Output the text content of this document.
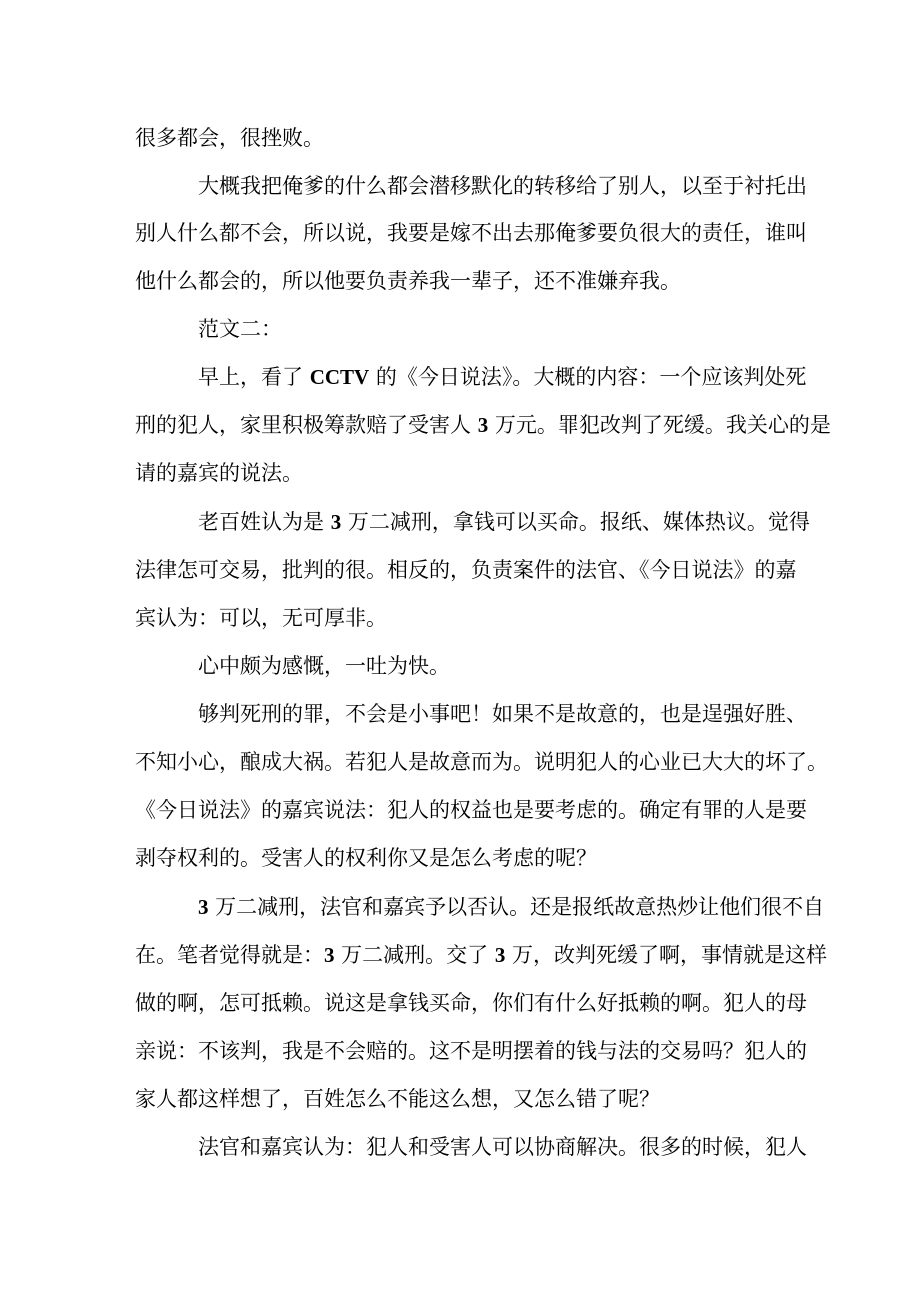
很多都会，很挫败。
大概我把俺爹的什么都会潜移默化的转移给了别人，以至于衬托出
别人什么都不会，所以说，我要是嫁不出去那俺爹要负很大的责任，谁叫
他什么都会的，所以他要负责养我一辈子，还不准嫌弃我。
范文二：
早上，看了 CCTV 的《今日说法》。大概的内容：一个应该判处死
刑的犯人，家里积极筹款赔了受害人 3 万元。罪犯改判了死缓。我关心的是
请的嘉宾的说法。
老百姓认为是 3 万二减刑，拿钱可以买命。报纸、媒体热议。觉得
法律怎可交易，批判的很。相反的，负责案件的法官、《今日说法》的嘉
宾认为：可以，无可厚非。
心中颇为感慨，一吐为快。
够判死刑的罪，不会是小事吧！如果不是故意的，也是逞强好胜、
不知小心，酿成大祸。若犯人是故意而为。说明犯人的心业已大大的坏了。
《今日说法》的嘉宾说法：犯人的权益也是要考虑的。确定有罪的人是要
剥夺权利的。受害人的权利你又是怎么考虑的呢？
3 万二减刑，法官和嘉宾予以否认。还是报纸故意热炒让他们很不自
在。笔者觉得就是：3 万二减刑。交了 3 万，改判死缓了啊，事情就是这样
做的啊，怎可抵赖。说这是拿钱买命，你们有什么好抵赖的啊。犯人的母
亲说：不该判，我是不会赔的。这不是明摆着的钱与法的交易吗？犯人的
家人都这样想了，百姓怎么不能这么想，又怎么错了呢？
法官和嘉宾认为：犯人和受害人可以协商解决。很多的时候，犯人
